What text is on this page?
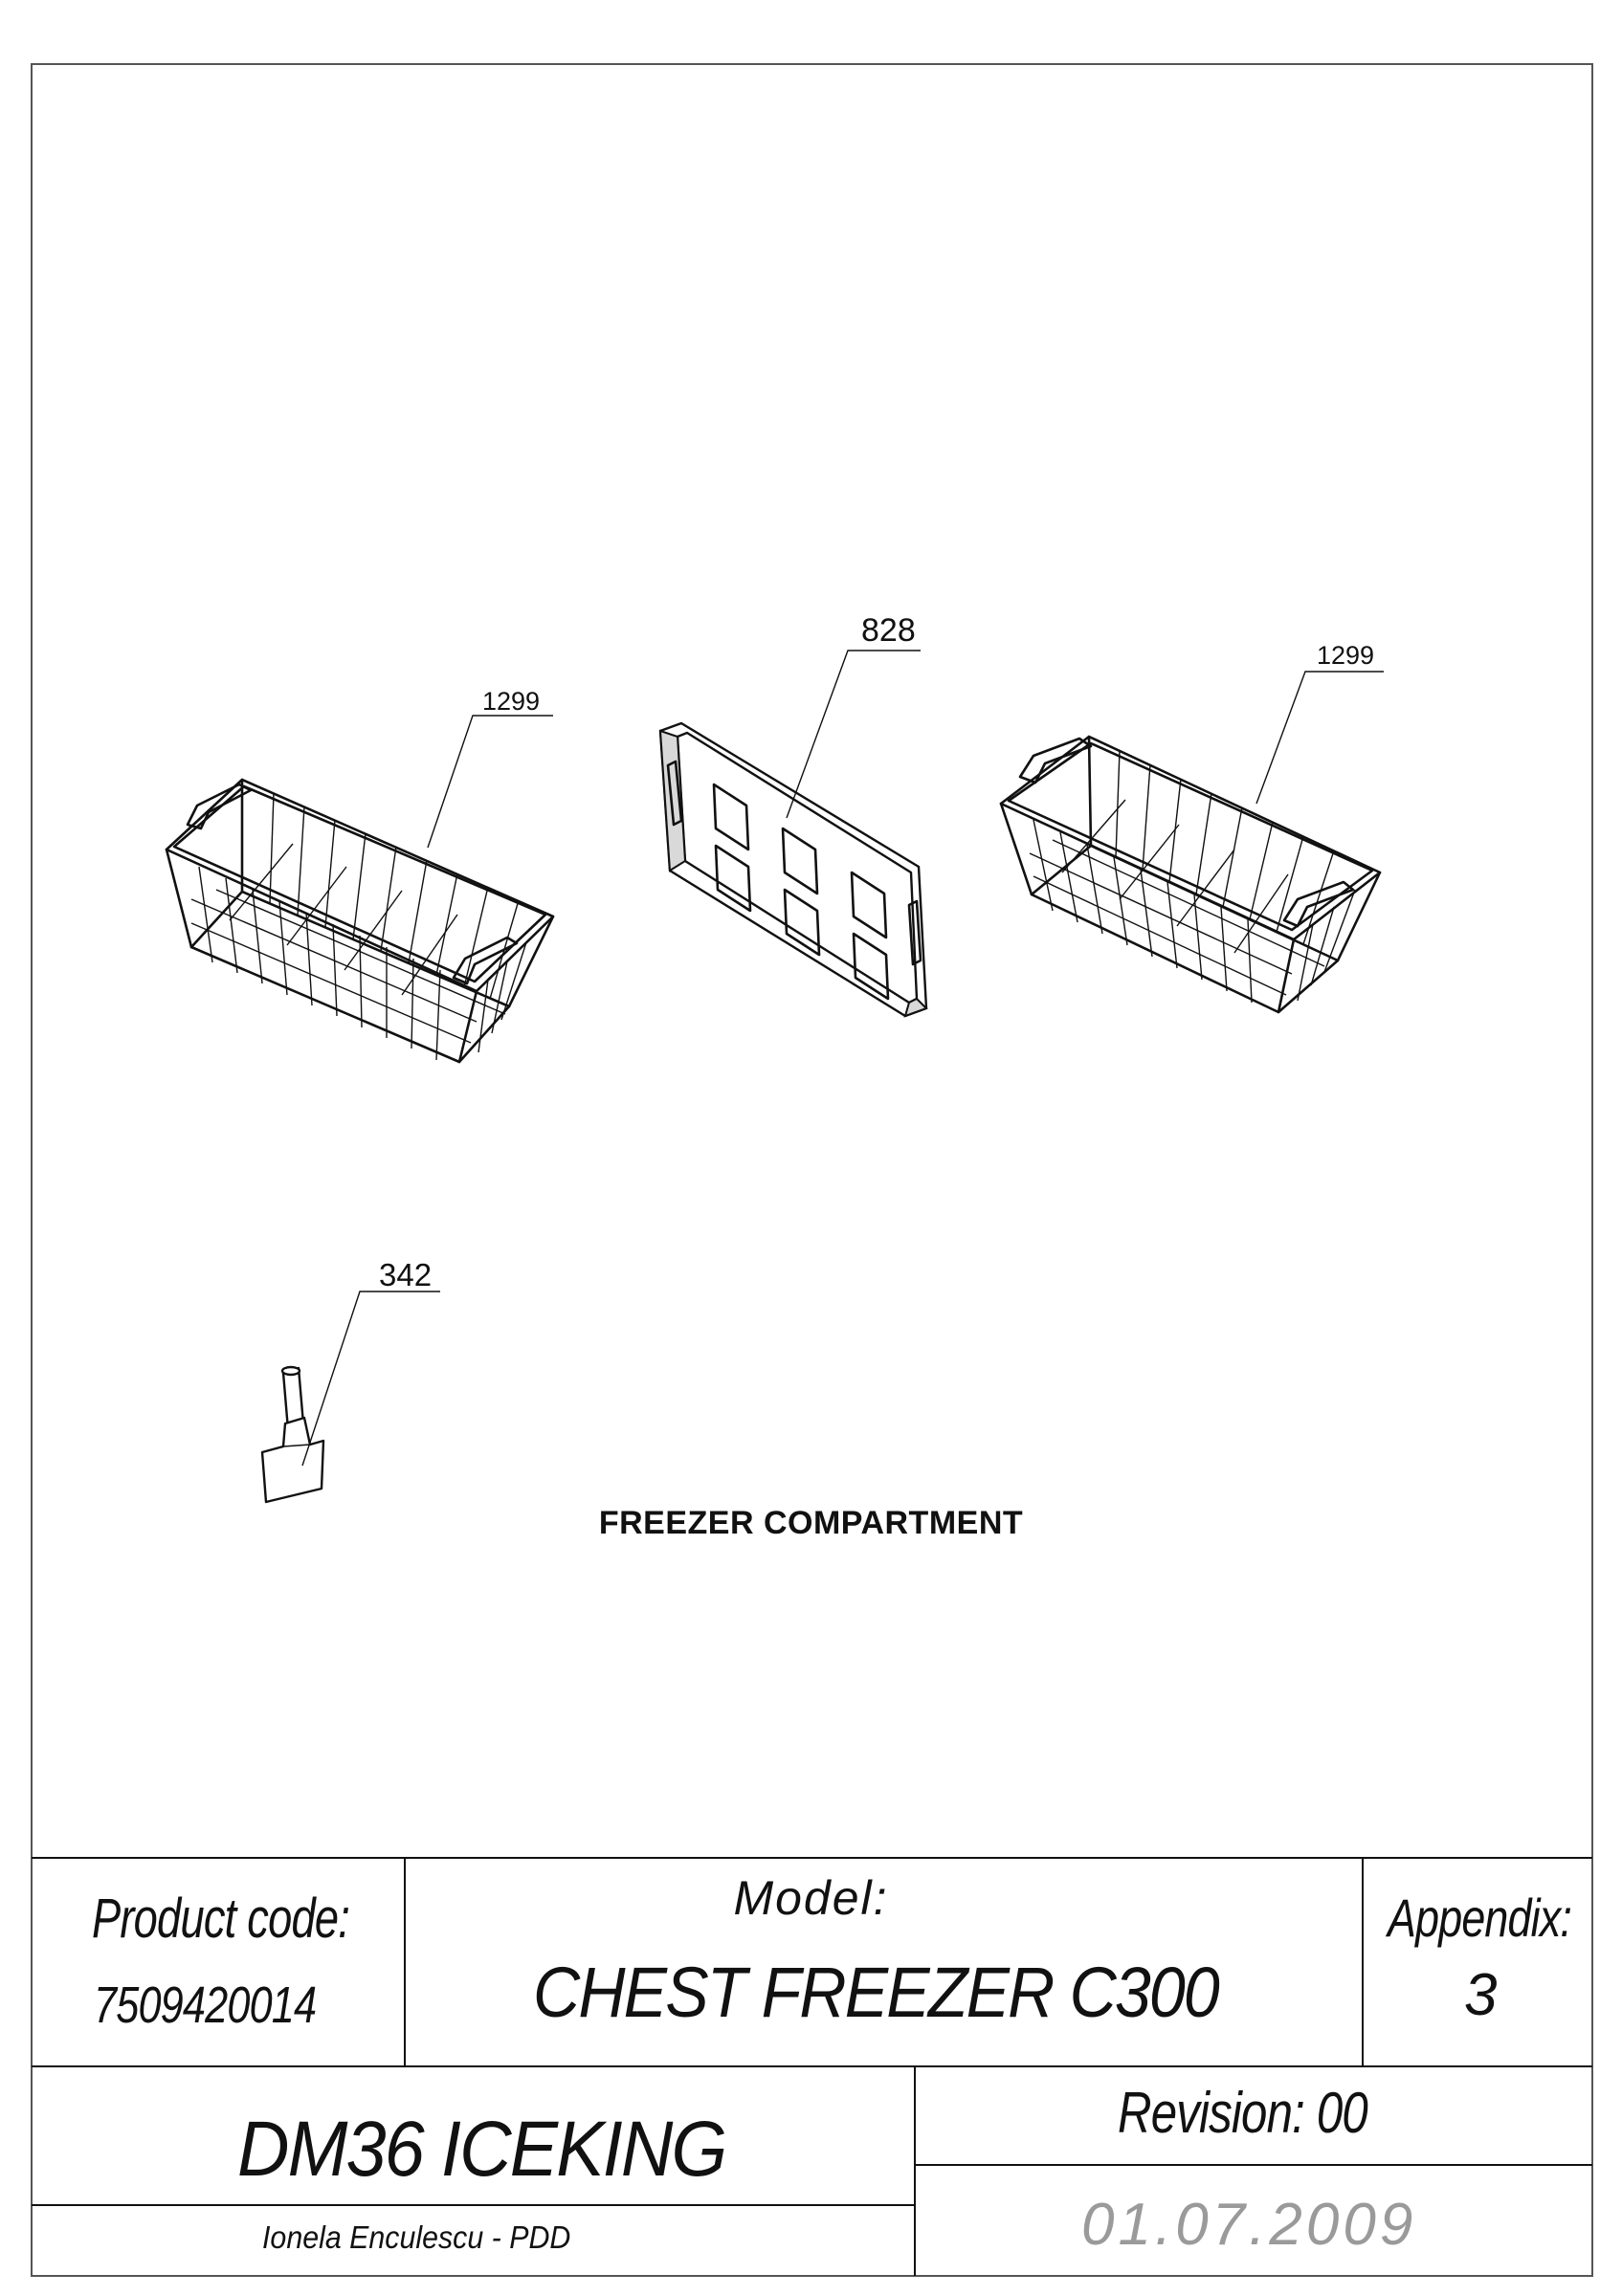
1299
828
1299
342
FREEZER COMPARTMENT
Product code:
7509420014
Model:
CHEST FREEZER C300
Appendix:
3
DM36 ICEKING	Revision: 00
Ionela Enculescu - PDD	01.07.2009
